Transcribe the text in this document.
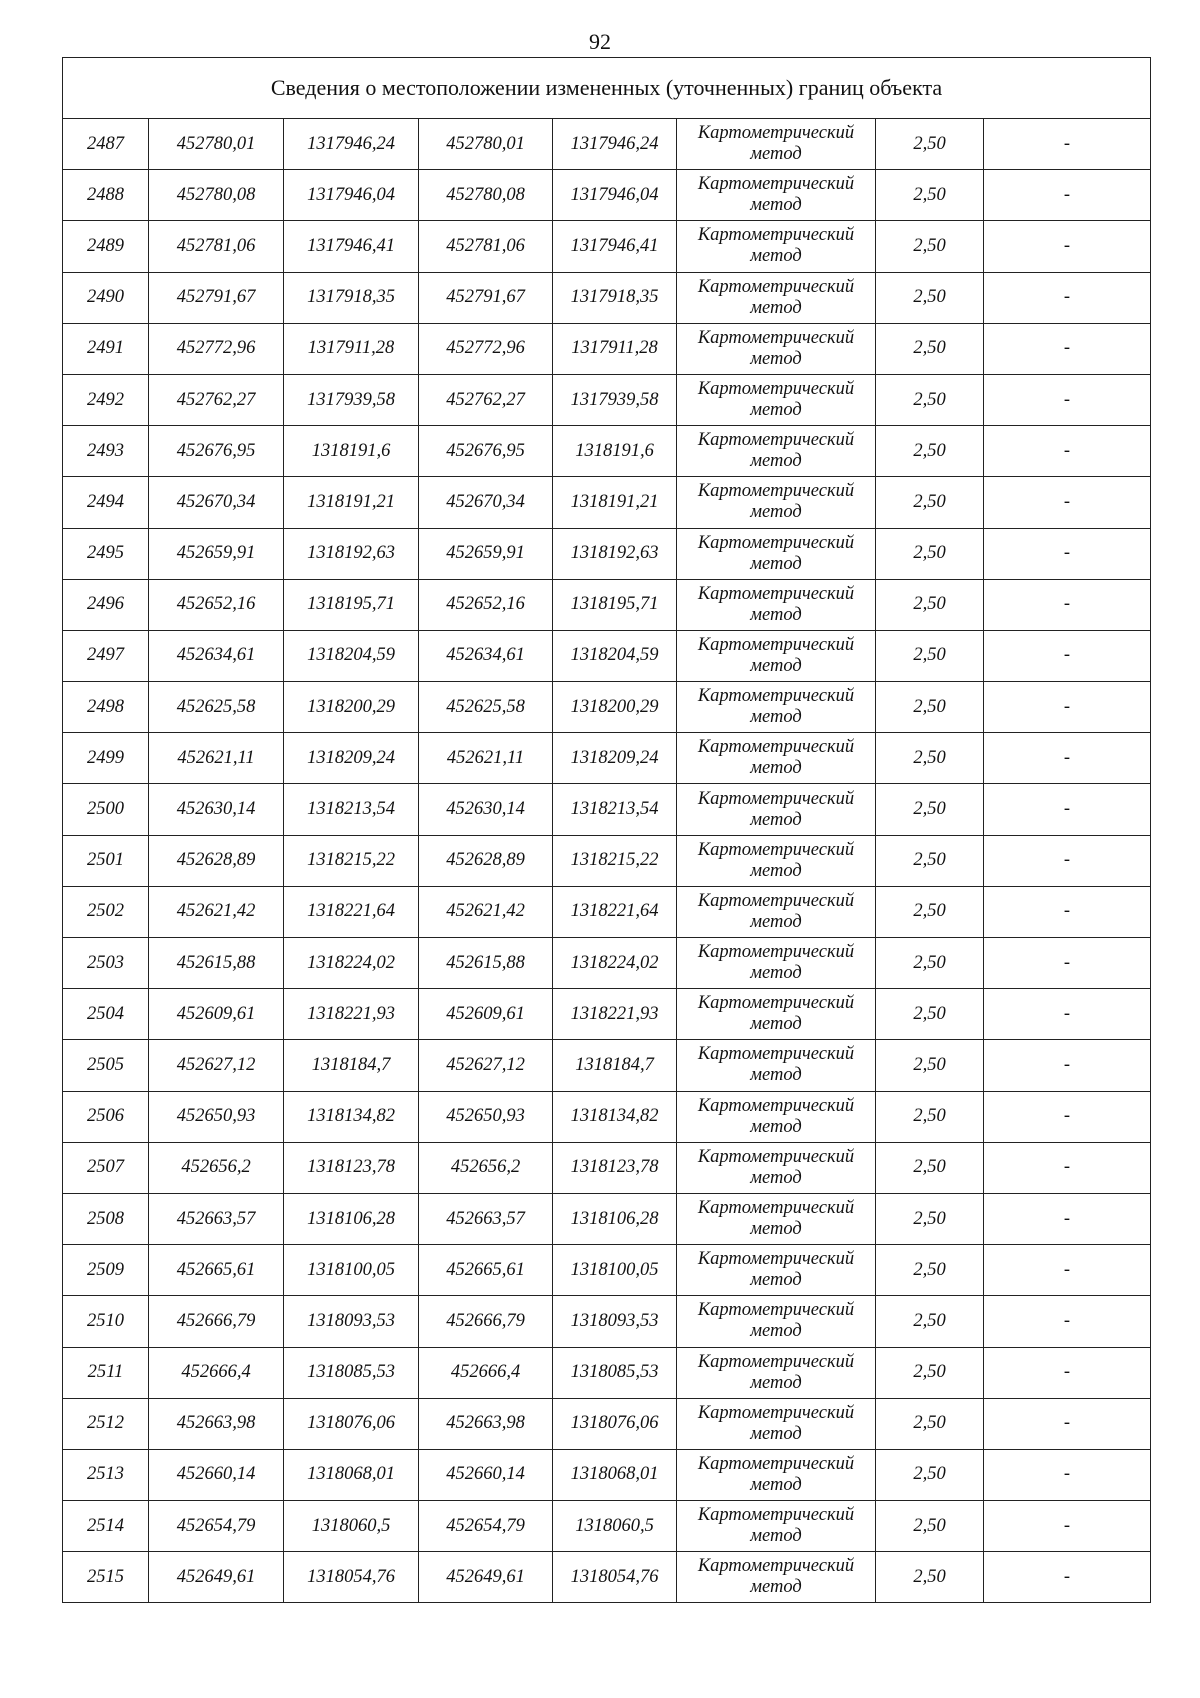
92
Сведения о местоположении измененных (уточненных) границ объекта							
2487	452780,01	1317946,24	452780,01	1317946,24	Картометрический
метод	2,50	-
2488	452780,08	1317946,04	452780,08	1317946,04	Картометрический
метод	2,50	-
2489	452781,06	1317946,41	452781,06	1317946,41	Картометрический
метод	2,50	-
2490	452791,67	1317918,35	452791,67	1317918,35	Картометрический
метод	2,50	-
2491	452772,96	1317911,28	452772,96	1317911,28	Картометрический
метод	2,50	-
2492	452762,27	1317939,58	452762,27	1317939,58	Картометрический
метод	2,50	-
2493	452676,95	1318191,6	452676,95	1318191,6	Картометрический
метод	2,50	-
2494	452670,34	1318191,21	452670,34	1318191,21	Картометрический
метод	2,50	-
2495	452659,91	1318192,63	452659,91	1318192,63	Картометрический
метод	2,50	-
2496	452652,16	1318195,71	452652,16	1318195,71	Картометрический
метод	2,50	-
2497	452634,61	1318204,59	452634,61	1318204,59	Картометрический
метод	2,50	-
2498	452625,58	1318200,29	452625,58	1318200,29	Картометрический
метод	2,50	-
2499	452621,11	1318209,24	452621,11	1318209,24	Картометрический
метод	2,50	-
2500	452630,14	1318213,54	452630,14	1318213,54	Картометрический
метод	2,50	-
2501	452628,89	1318215,22	452628,89	1318215,22	Картометрический
метод	2,50	-
2502	452621,42	1318221,64	452621,42	1318221,64	Картометрический
метод	2,50	-
2503	452615,88	1318224,02	452615,88	1318224,02	Картометрический
метод	2,50	-
2504	452609,61	1318221,93	452609,61	1318221,93	Картометрический
метод	2,50	-
2505	452627,12	1318184,7	452627,12	1318184,7	Картометрический
метод	2,50	-
2506	452650,93	1318134,82	452650,93	1318134,82	Картометрический
метод	2,50	-
2507	452656,2	1318123,78	452656,2	1318123,78	Картометрический
метод	2,50	-
2508	452663,57	1318106,28	452663,57	1318106,28	Картометрический
метод	2,50	-
2509	452665,61	1318100,05	452665,61	1318100,05	Картометрический
метод	2,50	-
2510	452666,79	1318093,53	452666,79	1318093,53	Картометрический
метод	2,50	-
2511	452666,4	1318085,53	452666,4	1318085,53	Картометрический
метод	2,50	-
2512	452663,98	1318076,06	452663,98	1318076,06	Картометрический
метод	2,50	-
2513	452660,14	1318068,01	452660,14	1318068,01	Картометрический
метод	2,50	-
2514	452654,79	1318060,5	452654,79	1318060,5	Картометрический
метод	2,50	-
2515	452649,61	1318054,76	452649,61	1318054,76	Картометрический
метод	2,50	-
